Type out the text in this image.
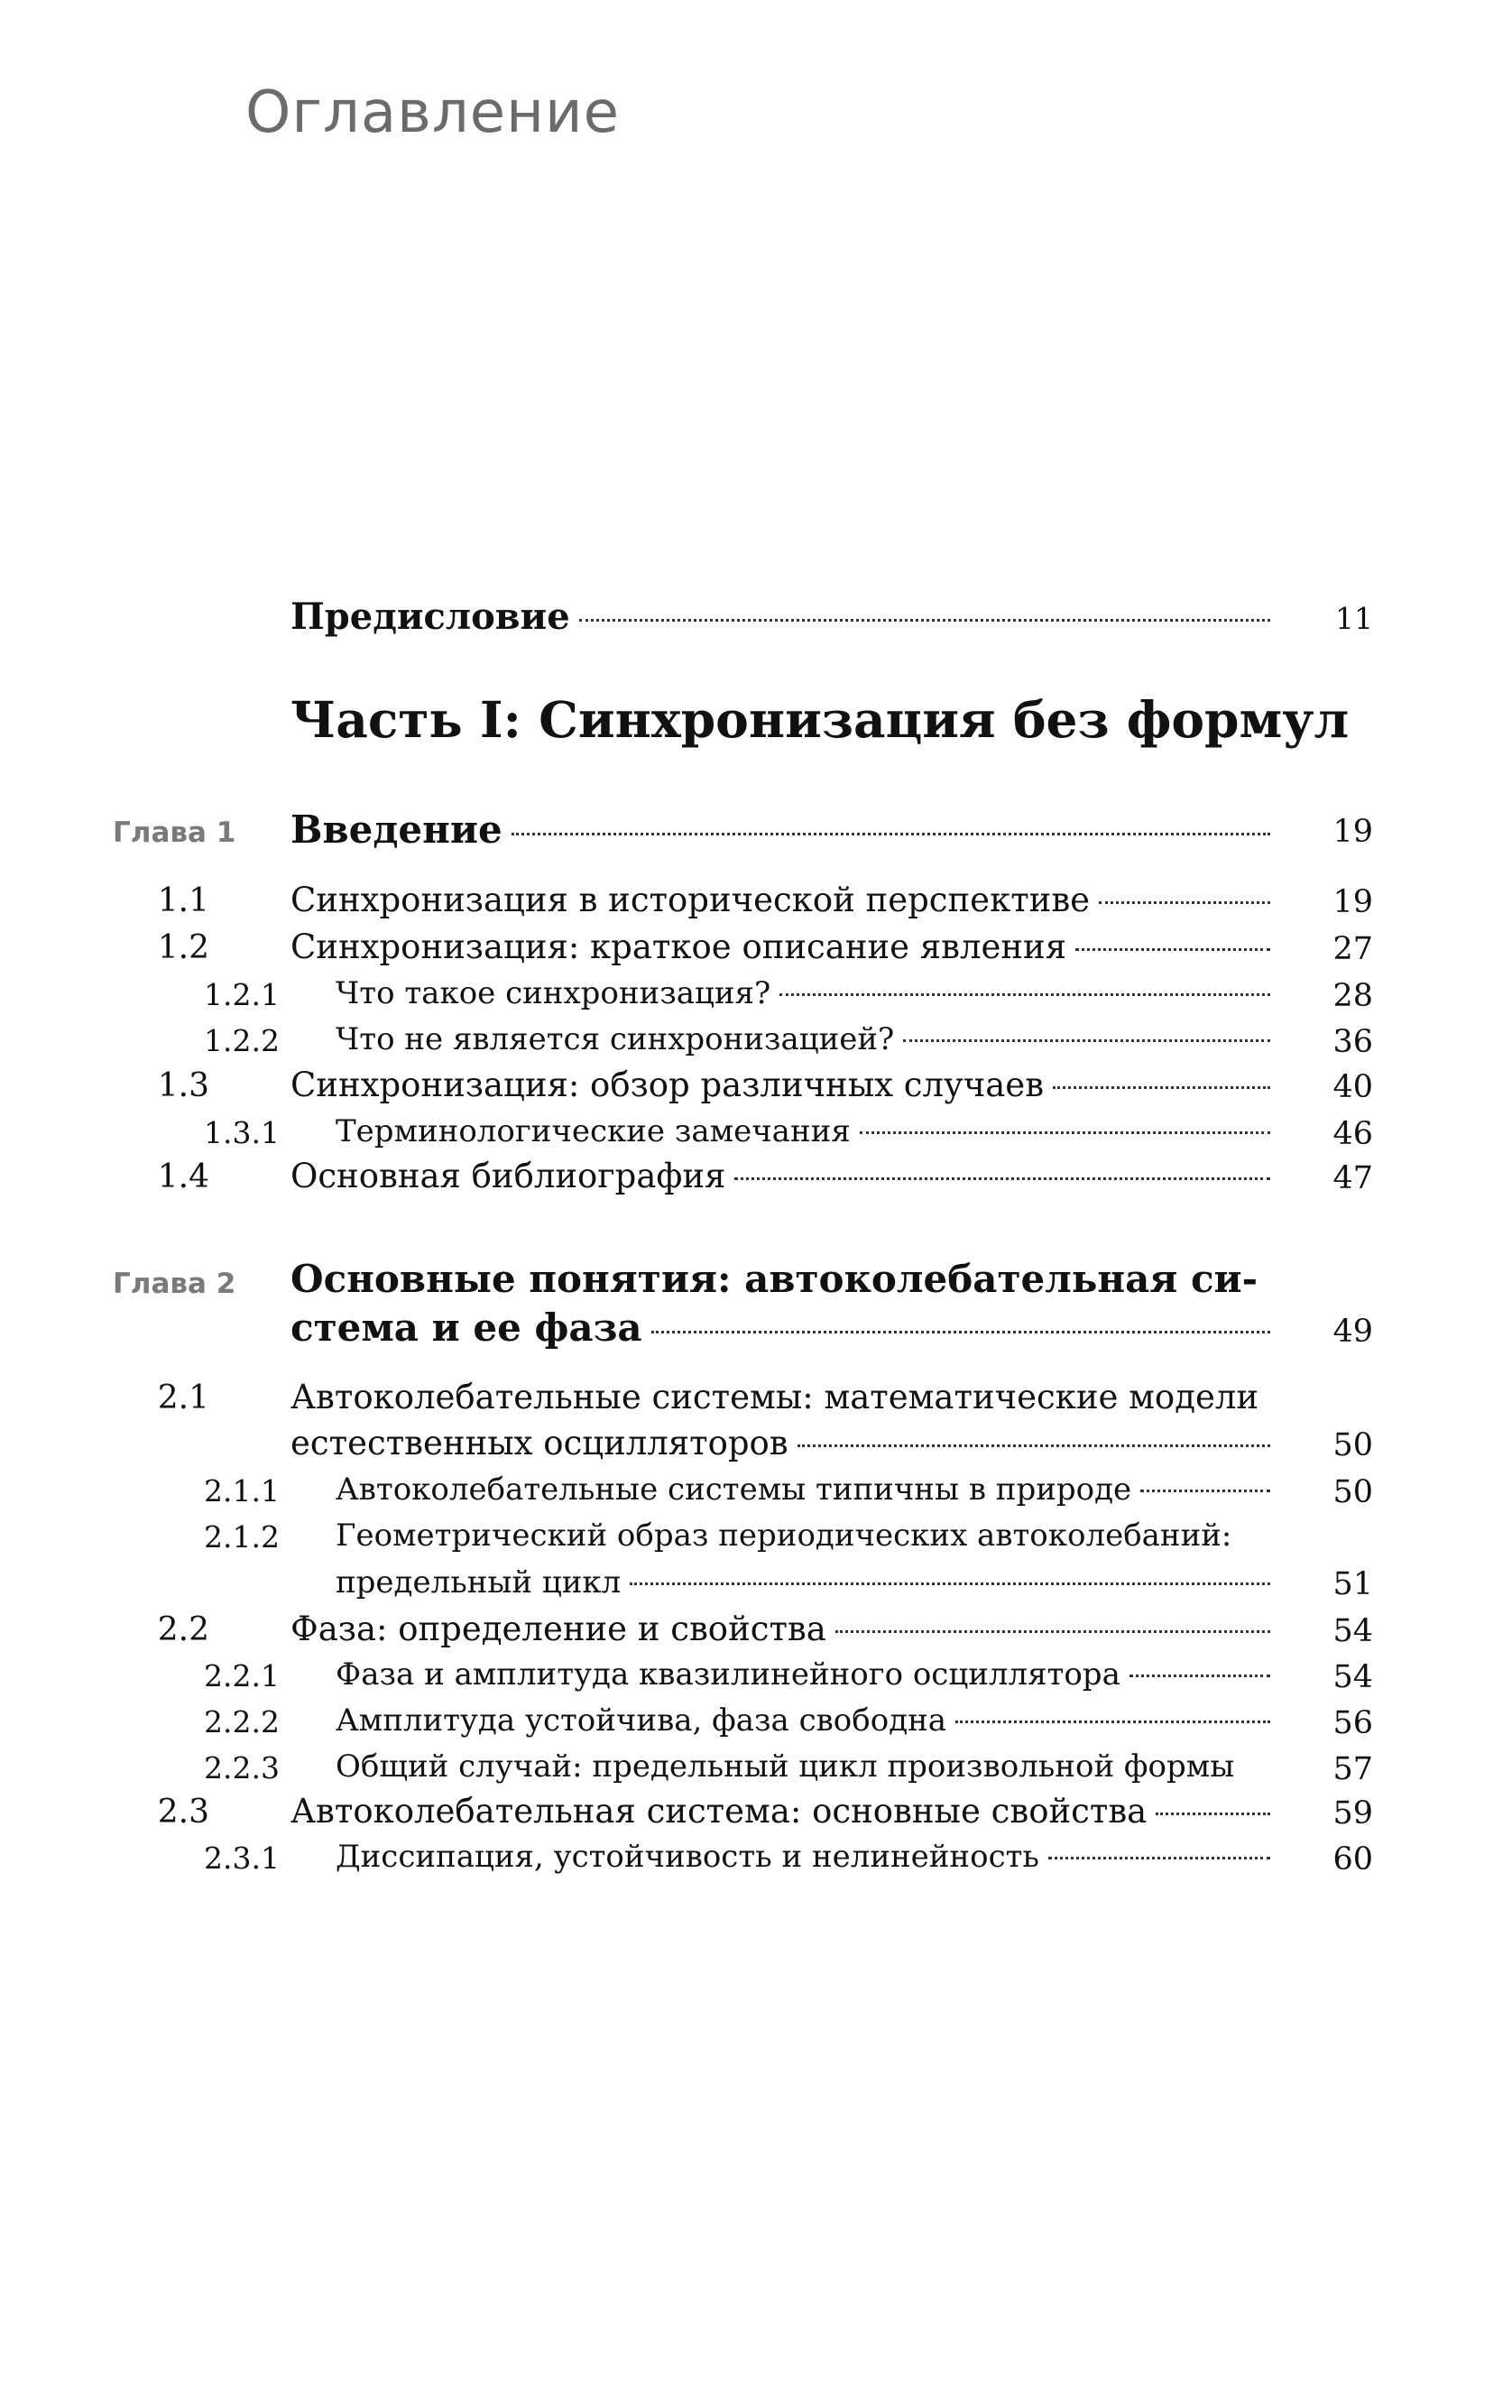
Оглавление
Предисловие	11
Часть I: Синхронизация без формул
Глава 1 Введение	19
1.1 Синхронизация в исторической перспективе	19
1.2 Синхронизация: краткое описание явления	27
1.2.1 Что такое синхронизация?	28
1.2.2 Что не является синхронизацией?	36
1.3 Синхронизация: обзор различных случаев	40
1.3.1 Терминологические замечания	46
1.4 Основная библиография	47
Глава 2 Основные понятия: автоколебательная си-
стема и ее фаза	49
2.1 Автоколебательные системы: математические модели
естественных осцилляторов	50
2.1.1 Автоколебательные системы типичны в природе	50
2.1.2 Геометрический образ периодических автоколебаний:
предельный цикл	51
2.2 Фаза: определение и свойства	54
2.2.1 Фаза и амплитуда квазилинейного осциллятора	54
2.2.2 Амплитуда устойчива, фаза свободна	56
2.2.3 Общий случай: предельный цикл произвольной формы	57
2.3 Автоколебательная система: основные свойства	59
2.3.1 Диссипация, устойчивость и нелинейность	60
